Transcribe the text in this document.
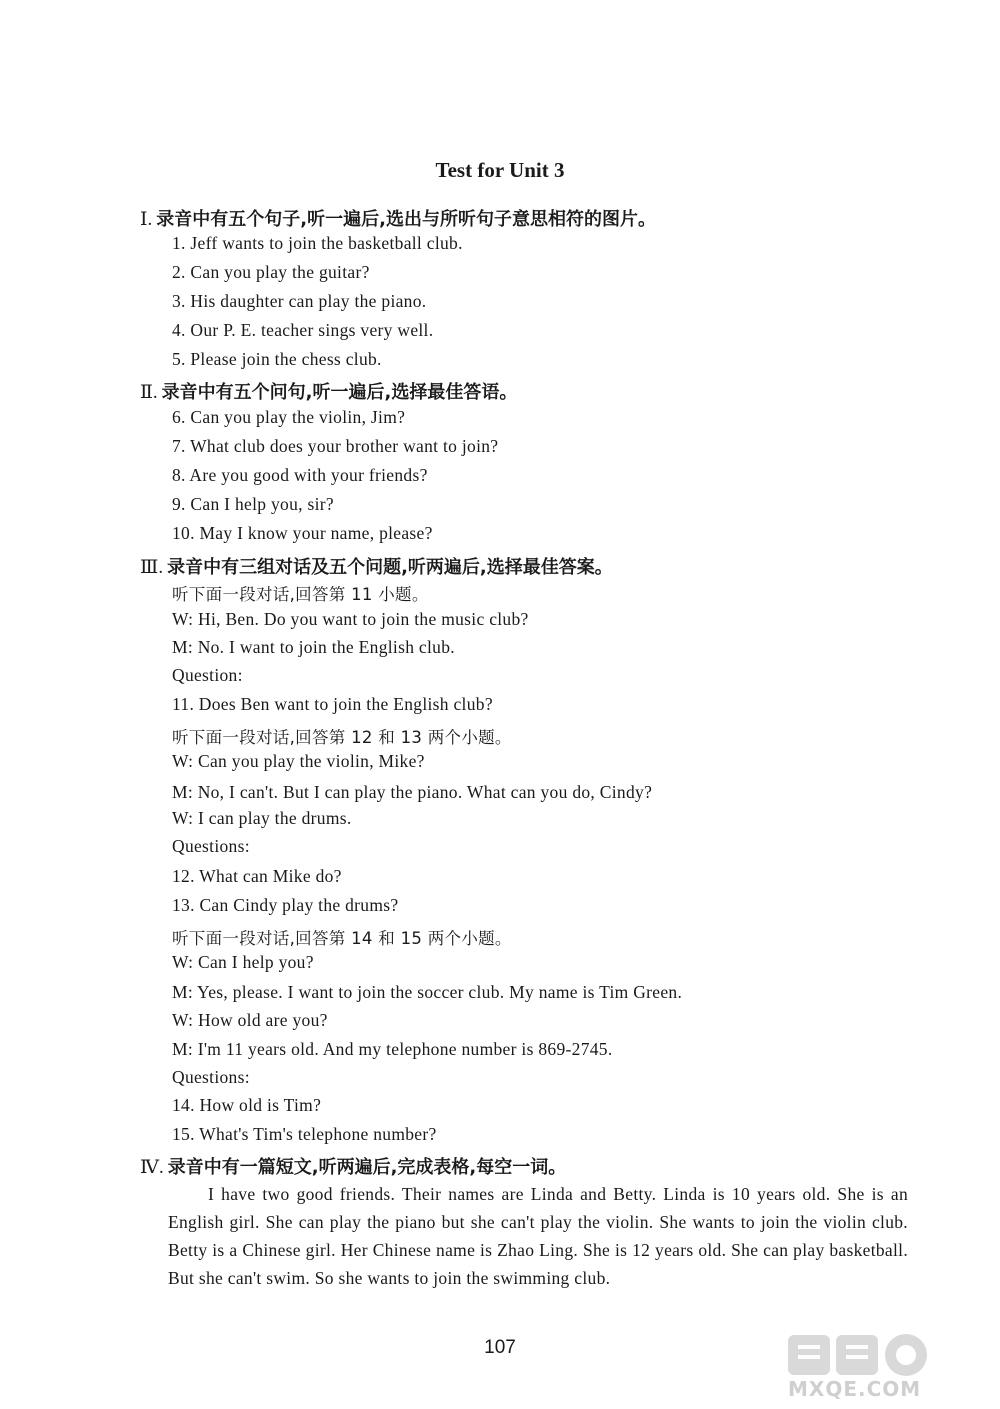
Test for Unit 3
Ⅰ. 录音中有五个句子,听一遍后,选出与所听句子意思相符的图片。
1. Jeff wants to join the basketball club.
2. Can you play the guitar?
3. His daughter can play the piano.
4. Our P. E. teacher sings very well.
5. Please join the chess club.
Ⅱ. 录音中有五个问句,听一遍后,选择最佳答语。
6. Can you play the violin, Jim?
7. What club does your brother want to join?
8. Are you good with your friends?
9. Can I help you, sir?
10. May I know your name, please?
Ⅲ. 录音中有三组对话及五个问题,听两遍后,选择最佳答案。
听下面一段对话,回答第 11 小题。
W: Hi, Ben. Do you want to join the music club?
M: No. I want to join the English club.
Question:
11. Does Ben want to join the English club?
听下面一段对话,回答第 12 和 13 两个小题。
W: Can you play the violin, Mike?
M: No, I can't. But I can play the piano. What can you do, Cindy?
W: I can play the drums.
Questions:
12. What can Mike do?
13. Can Cindy play the drums?
听下面一段对话,回答第 14 和 15 两个小题。
W: Can I help you?
M: Yes, please. I want to join the soccer club. My name is Tim Green.
W: How old are you?
M: I'm 11 years old. And my telephone number is 869-2745.
Questions:
14. How old is Tim?
15. What's Tim's telephone number?
Ⅳ. 录音中有一篇短文,听两遍后,完成表格,每空一词。
I have two good friends. Their names are Linda and Betty. Linda is 10 years old. She is an English girl. She can play the piano but she can't play the violin. She wants to join the violin club. Betty is a Chinese girl. Her Chinese name is Zhao Ling. She is 12 years old. She can play basketball. But she can't swim. So she wants to join the swimming club.
107
MXQE.COM
